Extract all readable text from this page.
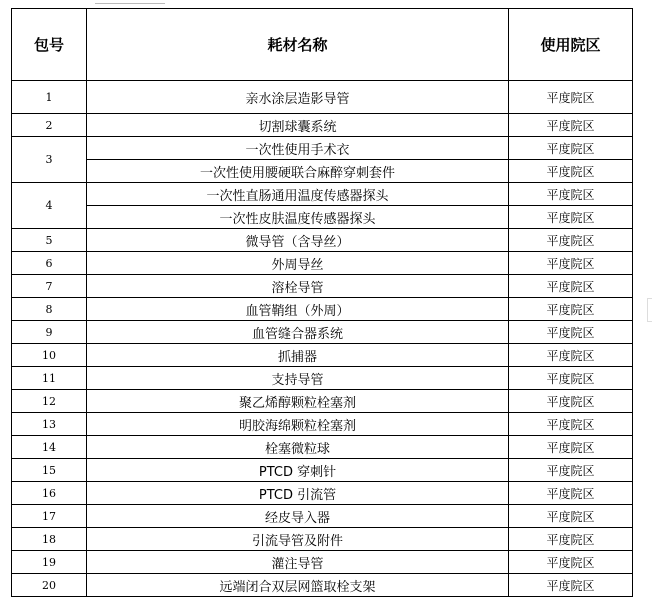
包号	耗材名称	使用院区
1	亲水涂层造影导管	平度院区
2	切割球囊系统	平度院区
3	一次性使用手术衣	平度院区
	一次性使用腰硬联合麻醉穿刺套件	平度院区
4	一次性直肠通用温度传感器探头	平度院区
	一次性皮肤温度传感器探头	平度院区
5	微导管（含导丝）	平度院区
6	外周导丝	平度院区
7	溶栓导管	平度院区
8	血管鞘组（外周）	平度院区
9	血管缝合器系统	平度院区
10	抓捕器	平度院区
11	支持导管	平度院区
12	聚乙烯醇颗粒栓塞剂	平度院区
13	明胶海绵颗粒栓塞剂	平度院区
14	栓塞微粒球	平度院区
15	PTCD 穿刺针	平度院区
16	PTCD 引流管	平度院区
17	经皮导入器	平度院区
18	引流导管及附件	平度院区
19	灌注导管	平度院区
20	远端闭合双层网篮取栓支架	平度院区
